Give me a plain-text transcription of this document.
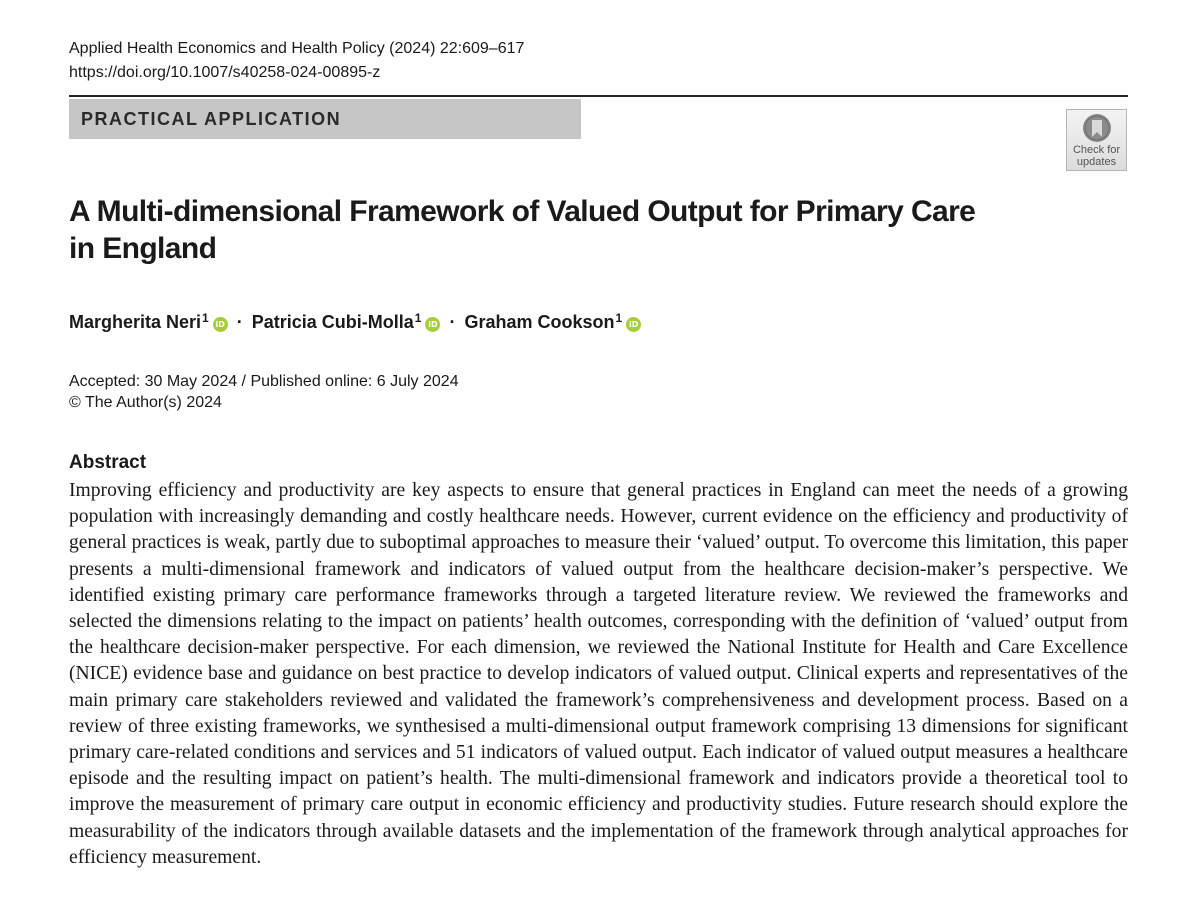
Applied Health Economics and Health Policy (2024) 22:609–617
https://doi.org/10.1007/s40258-024-00895-z
PRACTICAL APPLICATION
Check for
updates
A Multi-dimensional Framework of Valued Output for Primary Care
in England
Margherita Neri$^1$ iD · Patricia Cubi-Molla$^1$ iD · Graham Cookson$^1$ iD
Accepted: 30 May 2024 / Published online: 6 July 2024
© The Author(s) 2024
Abstract

Improving efficiency and productivity are key aspects to ensure that general practices in England can meet the needs of a growing population with increasingly demanding and costly healthcare needs. However, current evidence on the efficiency and productivity of general practices is weak, partly due to suboptimal approaches to measure their ‘valued’ output. To overcome this limitation, this paper presents a multi-dimensional framework and indicators of valued output from the healthcare decision-maker’s perspective. We identified existing primary care performance frameworks through a targeted literature review. We reviewed the frameworks and selected the dimensions relating to the impact on patients’ health outcomes, corresponding with the definition of ‘valued’ output from the healthcare decision-maker perspective. For each dimension, we reviewed the National Institute for Health and Care Excellence (NICE) evidence base and guidance on best practice to develop indicators of valued output. Clinical experts and representatives of the main primary care stakeholders reviewed and validated the framework’s comprehensiveness and development process. Based on a review of three existing frameworks, we synthesised a multi-dimensional output framework comprising 13 dimensions for significant primary care-related conditions and services and 51 indicators of valued output. Each indicator of valued output measures a healthcare episode and the resulting impact on patient’s health. The multi-dimensional framework and indicators provide a theoretical tool to improve the measurement of primary care output in economic efficiency and productivity studies. Future research should explore the measurability of the indicators through available datasets and the implementation of the framework through analytical approaches for efficiency measurement.
